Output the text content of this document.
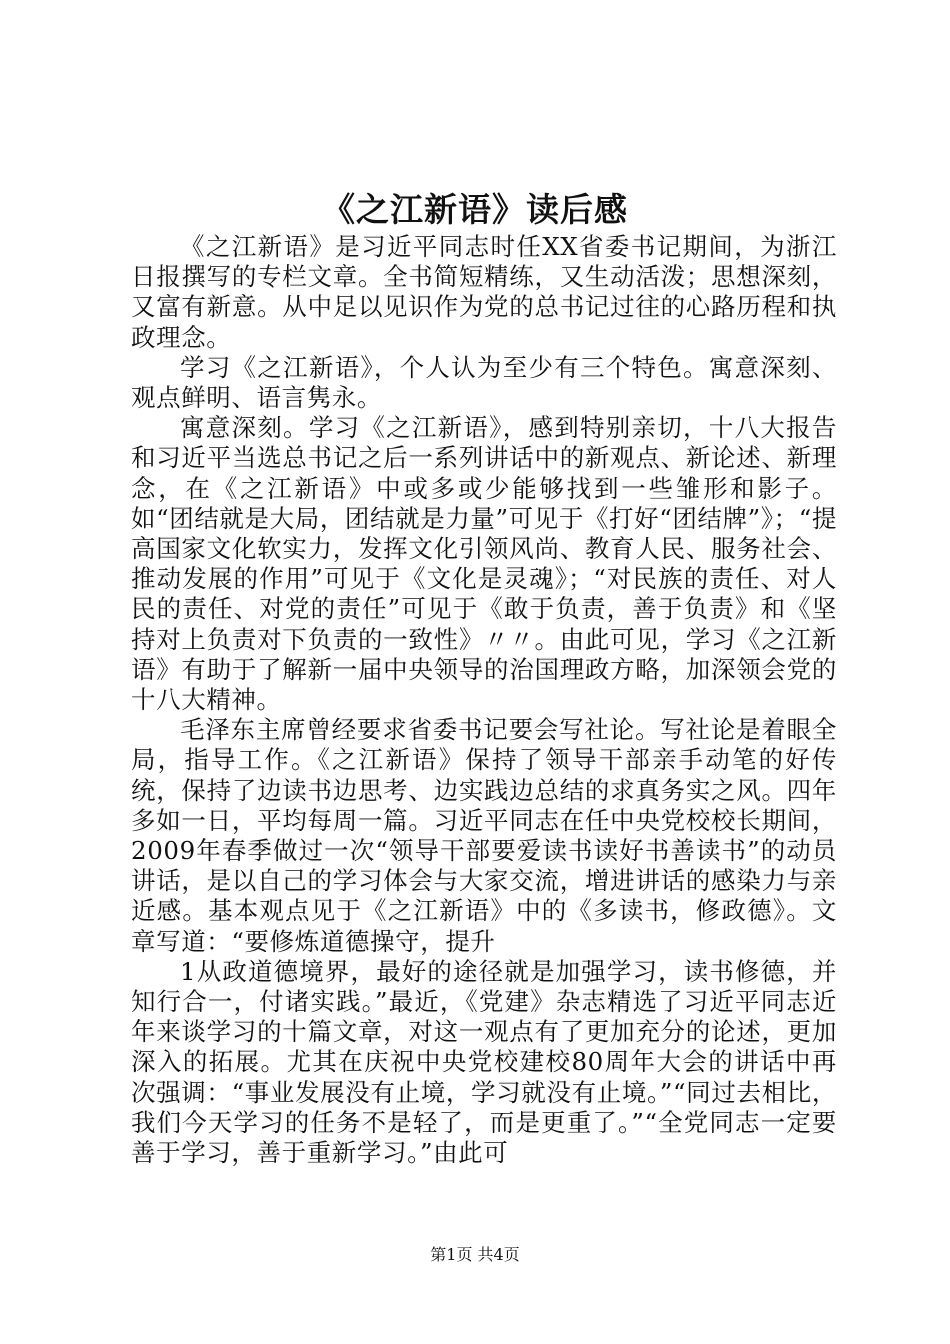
《之江新语》读后感

《之江新语》是习近平同志时任XX省委书记期间，为浙江日报撰写的专栏文章。全书简短精练，又生动活泼；思想深刻，又富有新意。从中足以见识作为党的总书记过往的心路历程和执政理念。

学习《之江新语》，个人认为至少有三个特色。寓意深刻、观点鲜明、语言隽永。

寓意深刻。学习《之江新语》，感到特别亲切，十八大报告和习近平当选总书记之后一系列讲话中的新观点、新论述、新理念，在《之江新语》中或多或少能够找到一些雏形和影子。如“团结就是大局，团结就是力量”可见于《打好“团结牌”》；“提高国家文化软实力，发挥文化引领风尚、教育人民、服务社会、推动发展的作用”可见于《文化是灵魂》；“对民族的责任、对人民的责任、对党的责任”可见于《敢于负责，善于负责》和《坚持对上负责对下负责的一致性》〃〃。由此可见，学习《之江新语》有助于了解新一届中央领导的治国理政方略，加深领会党的十八大精神。

毛泽东主席曾经要求省委书记要会写社论。写社论是着眼全局，指导工作。《之江新语》保持了领导干部亲手动笔的好传统，保持了边读书边思考、边实践边总结的求真务实之风。四年多如一日，平均每周一篇。习近平同志在任中央党校校长期间，2009年春季做过一次“领导干部要爱读书读好书善读书”的动员讲话，是以自己的学习体会与大家交流，增进讲话的感染力与亲近感。基本观点见于《之江新语》中的《多读书，修政德》。文章写道：“要修炼道德操守，提升

1从政道德境界，最好的途径就是加强学习，读书修德，并知行合一，付诸实践。”最近，《党建》杂志精选了习近平同志近年来谈学习的十篇文章，对这一观点有了更加充分的论述，更加深入的拓展。尤其在庆祝中央党校建校80周年大会的讲话中再次强调：“事业发展没有止境，学习就没有止境。”“同过去相比，我们今天学习的任务不是轻了，而是更重了。”“全党同志一定要善于学习，善于重新学习。”由此可

第1页 共4页
